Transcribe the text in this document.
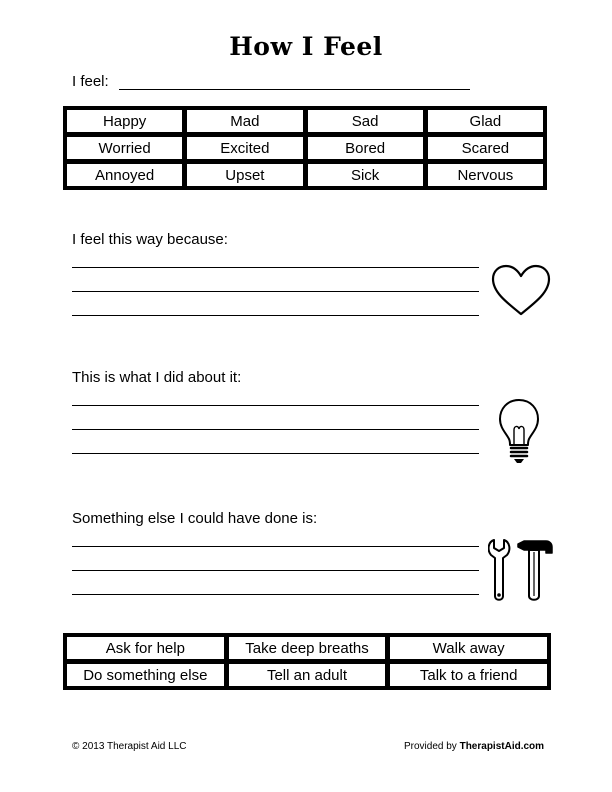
How I Feel
I feel:
Happy	Mad	Sad	Glad
Worried	Excited	Bored	Scared
Annoyed	Upset	Sick	Nervous
I feel this way because:
This is what I did about it:
Something else I could have done is:
Ask for help	Take deep breaths	Walk away
Do something else	Tell an adult	Talk to a friend
© 2013 Therapist Aid LLC	Provided by TherapistAid.com
